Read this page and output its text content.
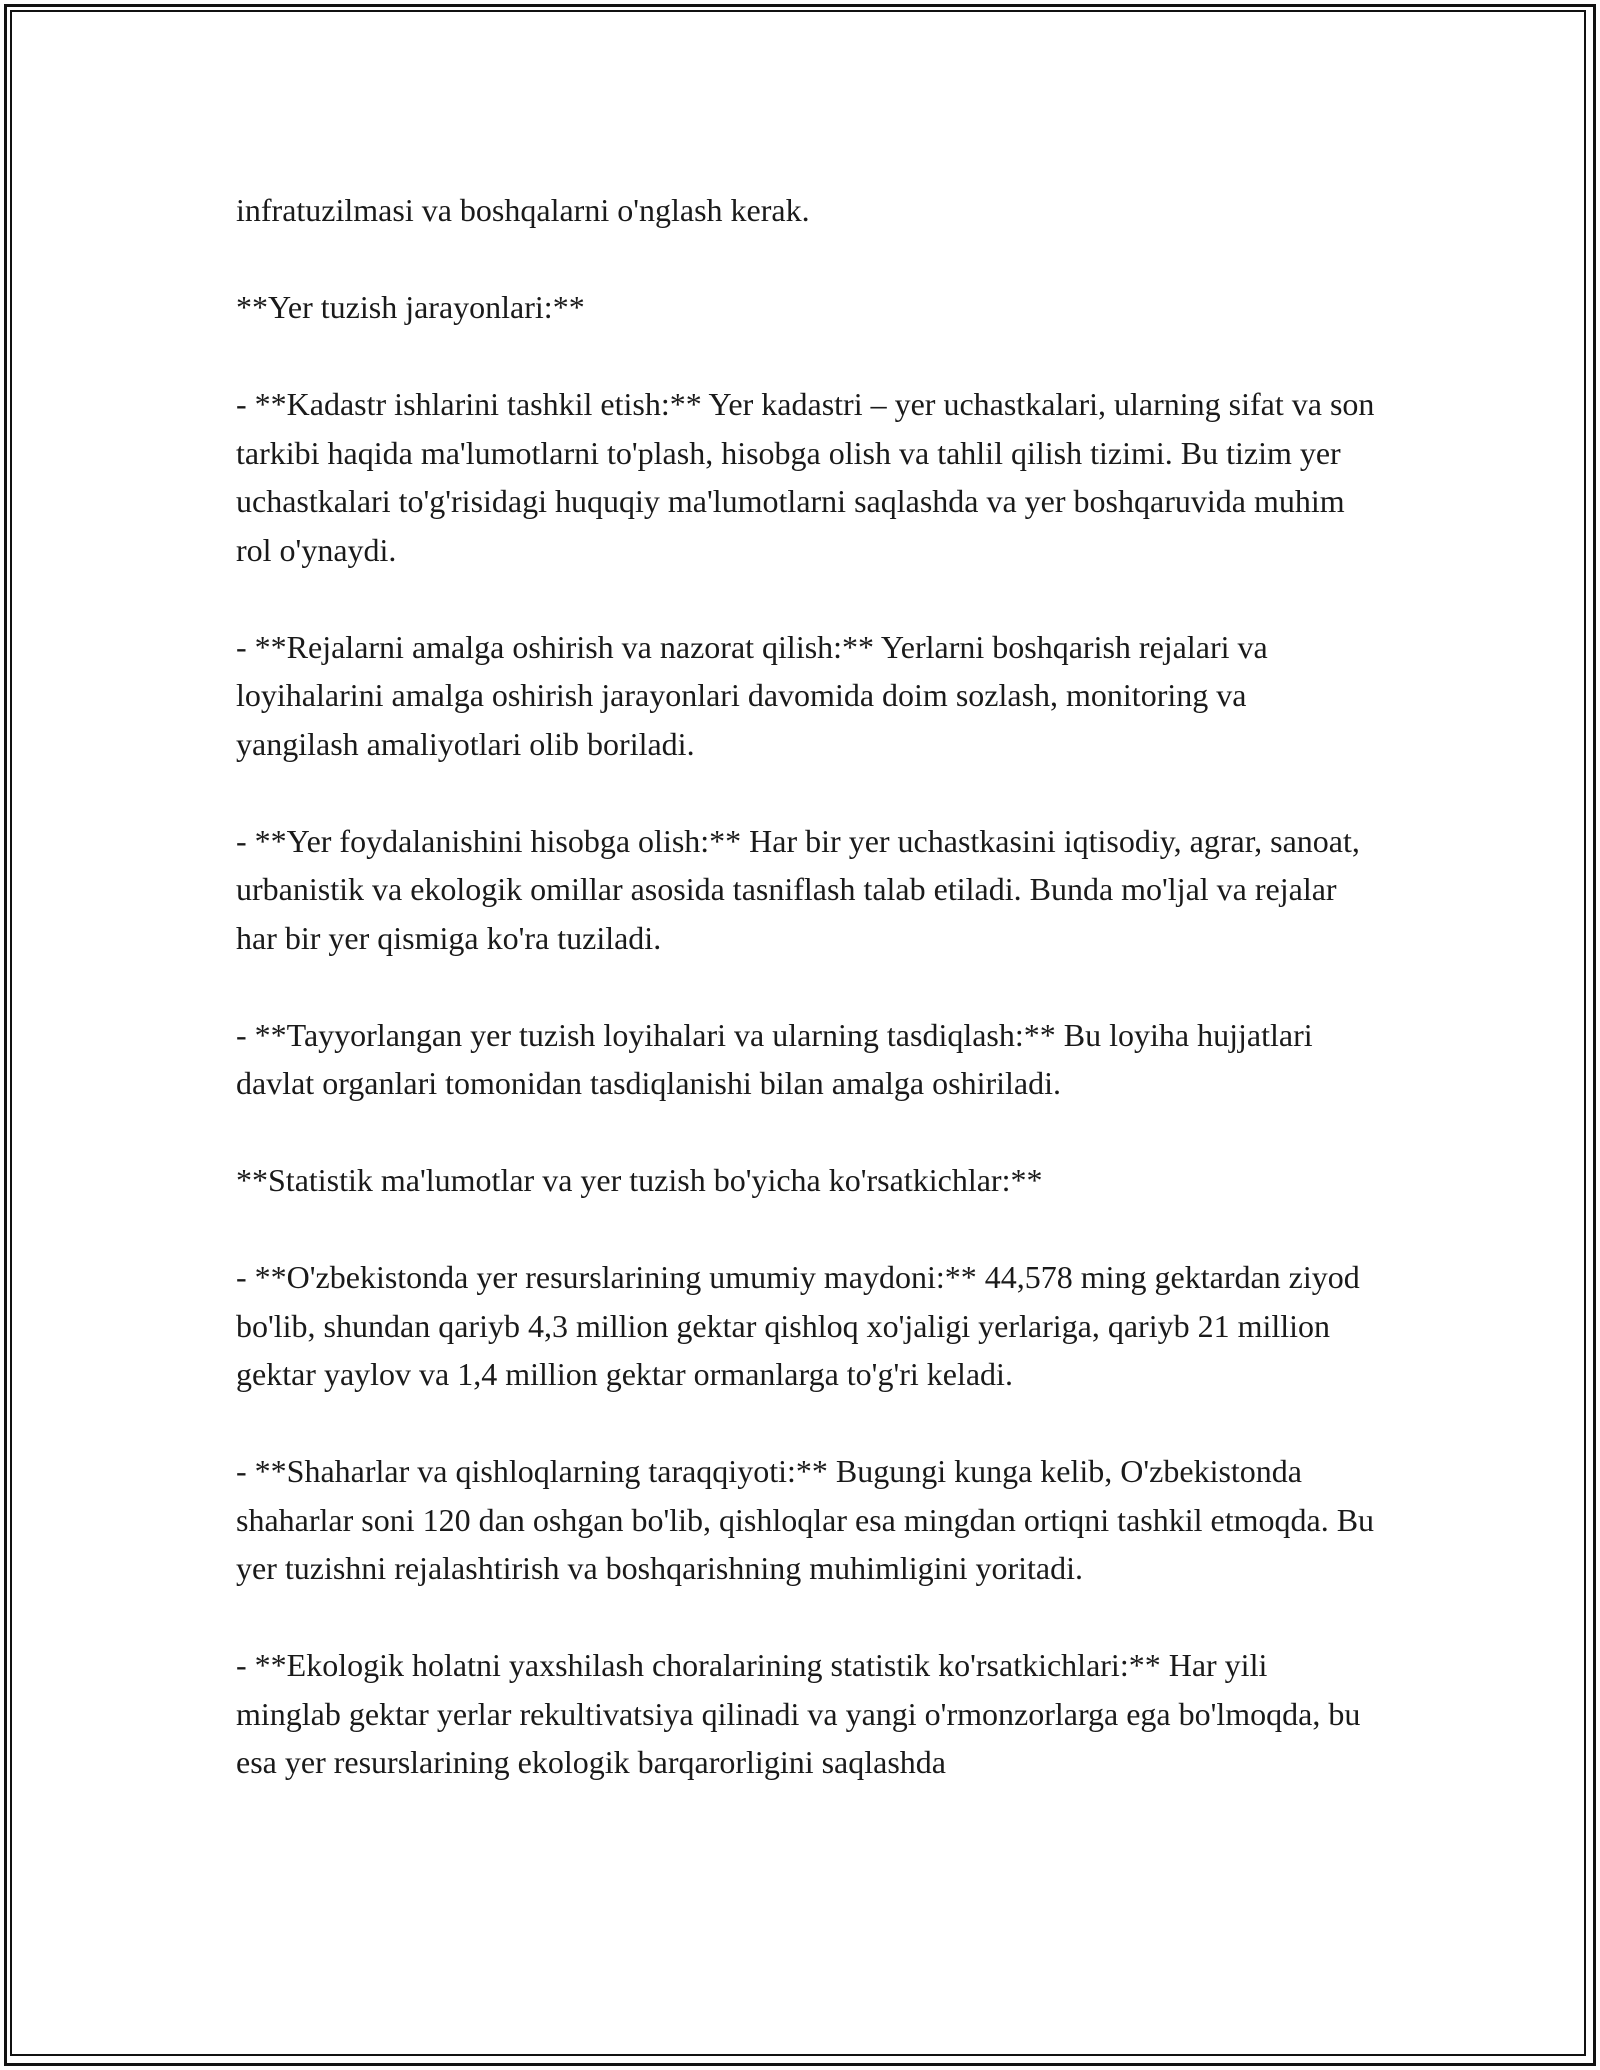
infratuzilmasi va boshqalarni o'nglash kerak.

**Yer tuzish jarayonlari:**

- **Kadastr ishlarini tashkil etish:** Yer kadastri – yer uchastkalari, ularning sifat va son tarkibi haqida ma'lumotlarni to'plash, hisobga olish va tahlil qilish tizimi. Bu tizim yer uchastkalari to'g'risidagi huquqiy ma'lumotlarni saqlashda va yer boshqaruvida muhim rol o'ynaydi.

- **Rejalarni amalga oshirish va nazorat qilish:** Yerlarni boshqarish rejalari va loyihalarini amalga oshirish jarayonlari davomida doim sozlash, monitoring va yangilash amaliyotlari olib boriladi.

- **Yer foydalanishini hisobga olish:** Har bir yer uchastkasini iqtisodiy, agrar, sanoat, urbanistik va ekologik omillar asosida tasniflash talab etiladi. Bunda mo'ljal va rejalar har bir yer qismiga ko'ra tuziladi.

- **Tayyorlangan yer tuzish loyihalari va ularning tasdiqlash:** Bu loyiha hujjatlari davlat organlari tomonidan tasdiqlanishi bilan amalga oshiriladi.

**Statistik ma'lumotlar va yer tuzish bo'yicha ko'rsatkichlar:**

- **O'zbekistonda yer resurslarining umumiy maydoni:** 44,578 ming gektardan ziyod bo'lib, shundan qariyb 4,3 million gektar qishloq xo'jaligi yerlariga, qariyb 21 million gektar yaylov va 1,4 million gektar ormanlarga to'g'ri keladi.

- **Shaharlar va qishloqlarning taraqqiyoti:** Bugungi kunga kelib, O'zbekistonda shaharlar soni 120 dan oshgan bo'lib, qishloqlar esa mingdan ortiqni tashkil etmoqda. Bu yer tuzishni rejalashtirish va boshqarishning muhimligini yoritadi.

- **Ekologik holatni yaxshilash choralarining statistik ko'rsatkichlari:** Har yili minglab gektar yerlar rekultivatsiya qilinadi va yangi o'rmonzorlarga ega bo'lmoqda, bu esa yer resurslarining ekologik barqarorligini saqlashda
